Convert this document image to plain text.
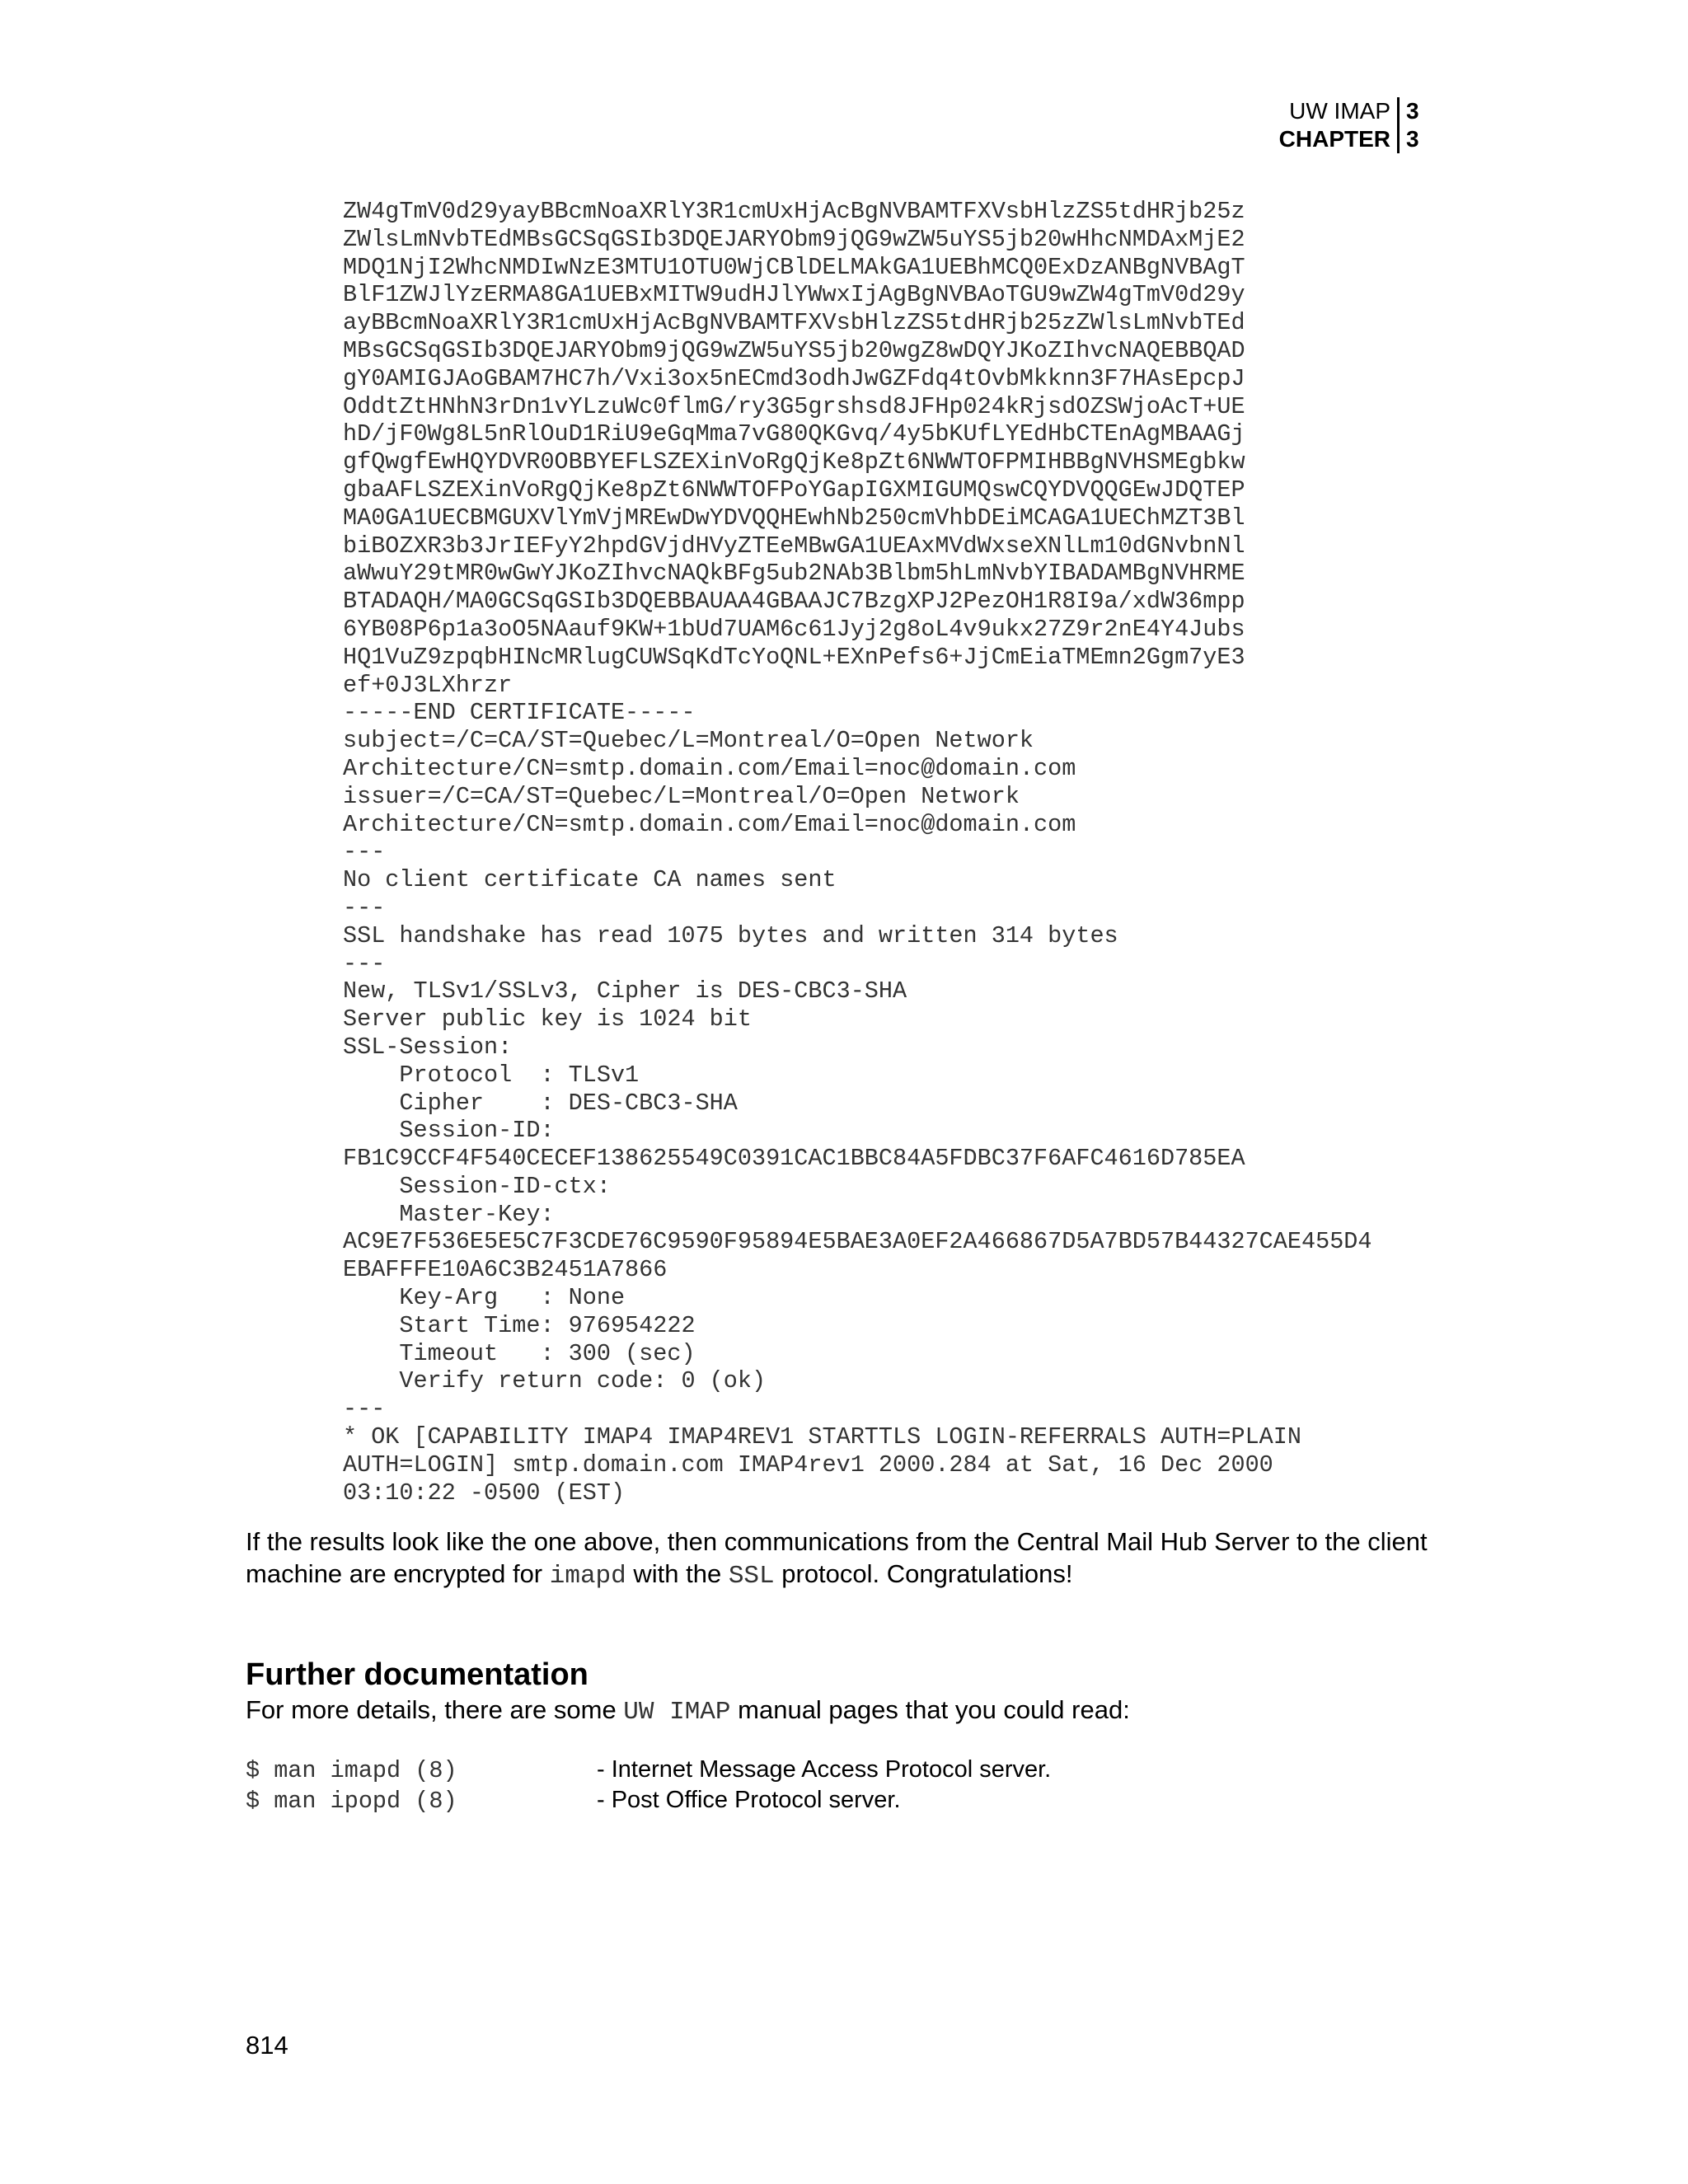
UW IMAP 3
CHAPTER 3
ZW4gTmV0d29yayBBcmNoaXRlY3R1cmUxHjAcBgNVBAMTFXVsbHlzZS5tdHRjb25z
ZWlsLmNvbTEdMBsGCSqGSIb3DQEJARYObm9jQG9wZW5uYS5jb20wHhcNMDAxMjE2
MDQ1NjI2WhcNMDIwNzE3MTU1OTU0WjCBlDELMAkGA1UEBhMCQ0ExDzANBgNVBAgT
BlF1ZWJlYzERMA8GA1UEBxMITW9udHJlYWwxIjAgBgNVBAoTGU9wZW4gTmV0d29y
ayBBcmNoaXRlY3R1cmUxHjAcBgNVBAMTFXVsbHlzZS5tdHRjb25zZWlsLmNvbTEd
MBsGCSqGSIb3DQEJARYObm9jQG9wZW5uYS5jb20wgZ8wDQYJKoZIhvcNAQEBBQAD
gY0AMIGJAoGBAM7HC7h/Vxi3ox5nECmd3odhJwGZFdq4tOvbMkknn3F7HAsEpcpJ
OddtZtHNhN3rDn1vYLzuWc0flmG/ry3G5grshsd8JFHp024kRjsdOZSWjoAcT+UE
hD/jF0Wg8L5nRlOuD1RiU9eGqMma7vG80QKGvq/4y5bKUfLYEdHbCTEnAgMBAAGj
gfQwgfEwHQYDVR0OBBYEFLSZEXinVoRgQjKe8pZt6NWWTOFPMIHBBgNVHSMEgbkw
gbaAFLSZEXinVoRgQjKe8pZt6NWWTOFPoYGapIGXMIGUMQswCQYDVQQGEwJDQTEP
MA0GA1UECBMGUXVlYmVjMREwDwYDVQQHEwhNb250cmVhbDEiMCAGA1UEChMZT3Bl
biBOZXR3b3JrIEFyY2hpdGVjdHVyZTEeMBwGA1UEAxMVdWxseXNlLm10dGNvbnNl
aWwuY29tMR0wGwYJKoZIhvcNAQkBFg5ub2NAb3Blbm5hLmNvbYIBADAMBgNVHRME
BTADAQH/MA0GCSqGSIb3DQEBBAUAA4GBAAJC7BzgXPJ2PezOH1R8I9a/xdW36mpp
6YB08P6p1a3oO5NAauf9KW+1bUd7UAM6c61Jyj2g8oL4v9ukx27Z9r2nE4Y4Jubs
HQ1VuZ9zpqbHINcMRlugCUWSqKdTcYoQNL+EXnPefs6+JjCmEiaTMEmn2Ggm7yE3
ef+0J3LXhrzr
-----END CERTIFICATE-----
subject=/C=CA/ST=Quebec/L=Montreal/O=Open Network
Architecture/CN=smtp.domain.com/Email=noc@domain.com
issuer=/C=CA/ST=Quebec/L=Montreal/O=Open Network
Architecture/CN=smtp.domain.com/Email=noc@domain.com
---
No client certificate CA names sent
---
SSL handshake has read 1075 bytes and written 314 bytes
---
New, TLSv1/SSLv3, Cipher is DES-CBC3-SHA
Server public key is 1024 bit
SSL-Session:
Protocol  : TLSv1
Cipher    : DES-CBC3-SHA
Session-ID:
FB1C9CCF4F540CECEF138625549C0391CAC1BBC84A5FDBC37F6AFC4616D785EA
Session-ID-ctx:
Master-Key:
AC9E7F536E5E5C7F3CDE76C9590F95894E5BAE3A0EF2A466867D5A7BD57B44327CAE455D4
EBAFFFE10A6C3B2451A7866
Key-Arg   : None
Start Time: 976954222
Timeout   : 300 (sec)
Verify return code: 0 (ok)
---
* OK [CAPABILITY IMAP4 IMAP4REV1 STARTTLS LOGIN-REFERRALS AUTH=PLAIN
AUTH=LOGIN] smtp.domain.com IMAP4rev1 2000.284 at Sat, 16 Dec 2000
03:10:22 -0500 (EST)

If the results look like the one above, then communications from the Central Mail Hub Server to the client machine are encrypted for imapd with the SSL protocol. Congratulations!

Further documentation

For more details, there are some UW IMAP manual pages that you could read:

$ man imapd (8)	- Internet Message Access Protocol server.
$ man ipopd (8)	- Post Office Protocol server.
814
